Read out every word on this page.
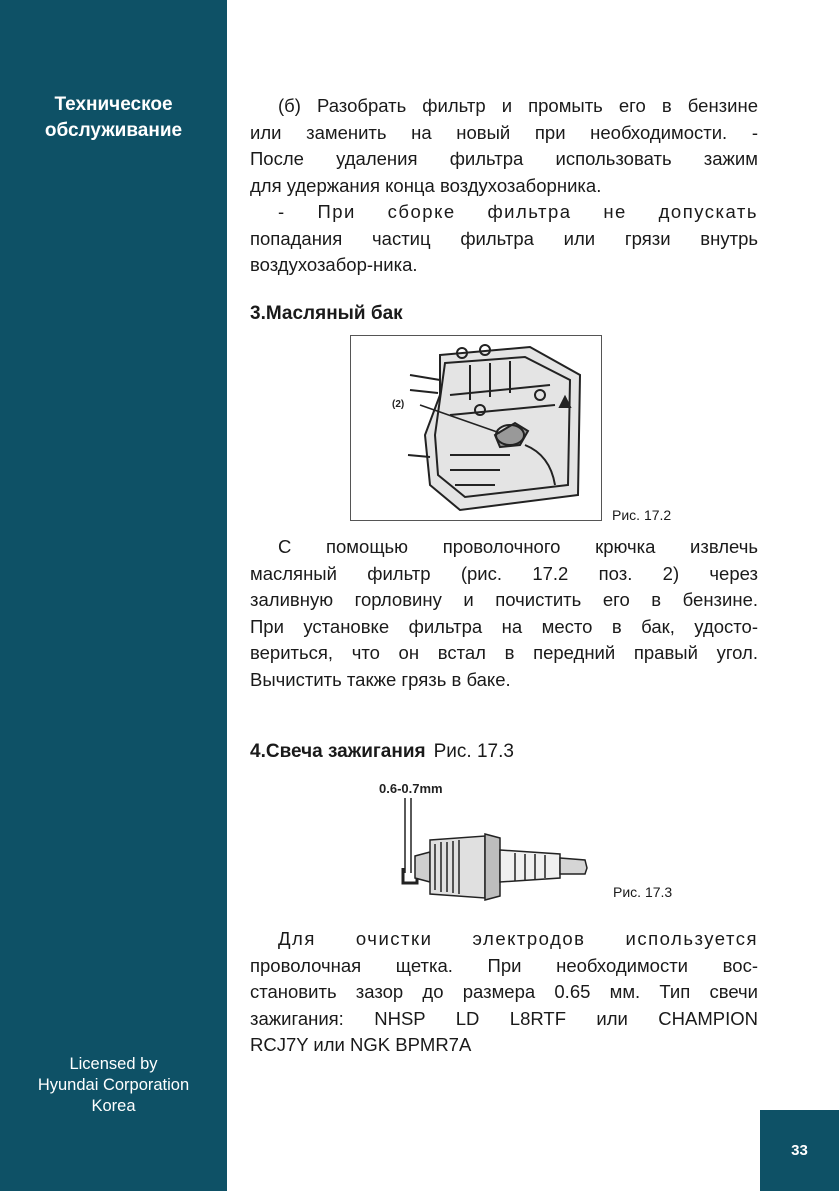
Техническое
обслуживание
Licensed by
Hyundai Corporation
Korea
33
(б) Разобрать фильтр и промыть его в бензине
или заменить на новый при необходимости. -
После удаления фильтра использовать зажим
для удержания конца воздухозаборника.
- При сборке фильтра не допускать
попадания частиц фильтра или грязи внутрь
воздухозабор-ника.
3.Масляный бак
(2)
Рис. 17.2
С помощью проволочного крючка извлечь
масляный фильтр (рис. 17.2 поз. 2) через
заливную горловину и почистить его в бензине.
При установке фильтра на место в бак, удосто-
вериться, что он встал в передний правый угол.
Вычистить также грязь в баке.
4.Свеча зажигания Рис. 17.3
0.6-0.7mm
Рис. 17.3
Для очистки электродов используется
проволочная щетка. При необходимости вос-
становить зазор до размера 0.65 мм. Тип свечи
зажигания: NHSP LD L8RTF или CHAMPION
RCJ7Y или NGK BPMR7A
